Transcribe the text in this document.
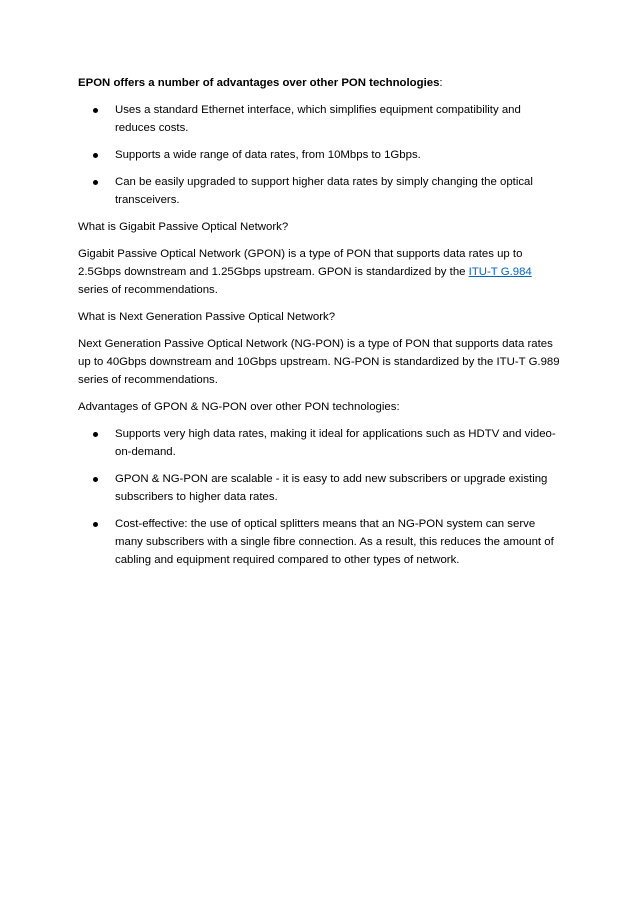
EPON offers a number of advantages over other PON technologies:

Uses a standard Ethernet interface, which simplifies equipment compatibility and reduces costs.
Supports a wide range of data rates, from 10Mbps to 1Gbps.
Can be easily upgraded to support higher data rates by simply changing the optical transceivers.

What is Gigabit Passive Optical Network?

Gigabit Passive Optical Network (GPON) is a type of PON that supports data rates up to 2.5Gbps downstream and 1.25Gbps upstream. GPON is standardized by the ITU-T G.984 series of recommendations.

What is Next Generation Passive Optical Network?

Next Generation Passive Optical Network (NG-PON) is a type of PON that supports data rates up to 40Gbps downstream and 10Gbps upstream. NG-PON is standardized by the ITU-T G.989 series of recommendations.

Advantages of GPON & NG-PON over other PON technologies:

Supports very high data rates, making it ideal for applications such as HDTV and video-on-demand.
GPON & NG-PON are scalable - it is easy to add new subscribers or upgrade existing subscribers to higher data rates.
Cost-effective: the use of optical splitters means that an NG-PON system can serve many subscribers with a single fibre connection. As a result, this reduces the amount of cabling and equipment required compared to other types of network.
